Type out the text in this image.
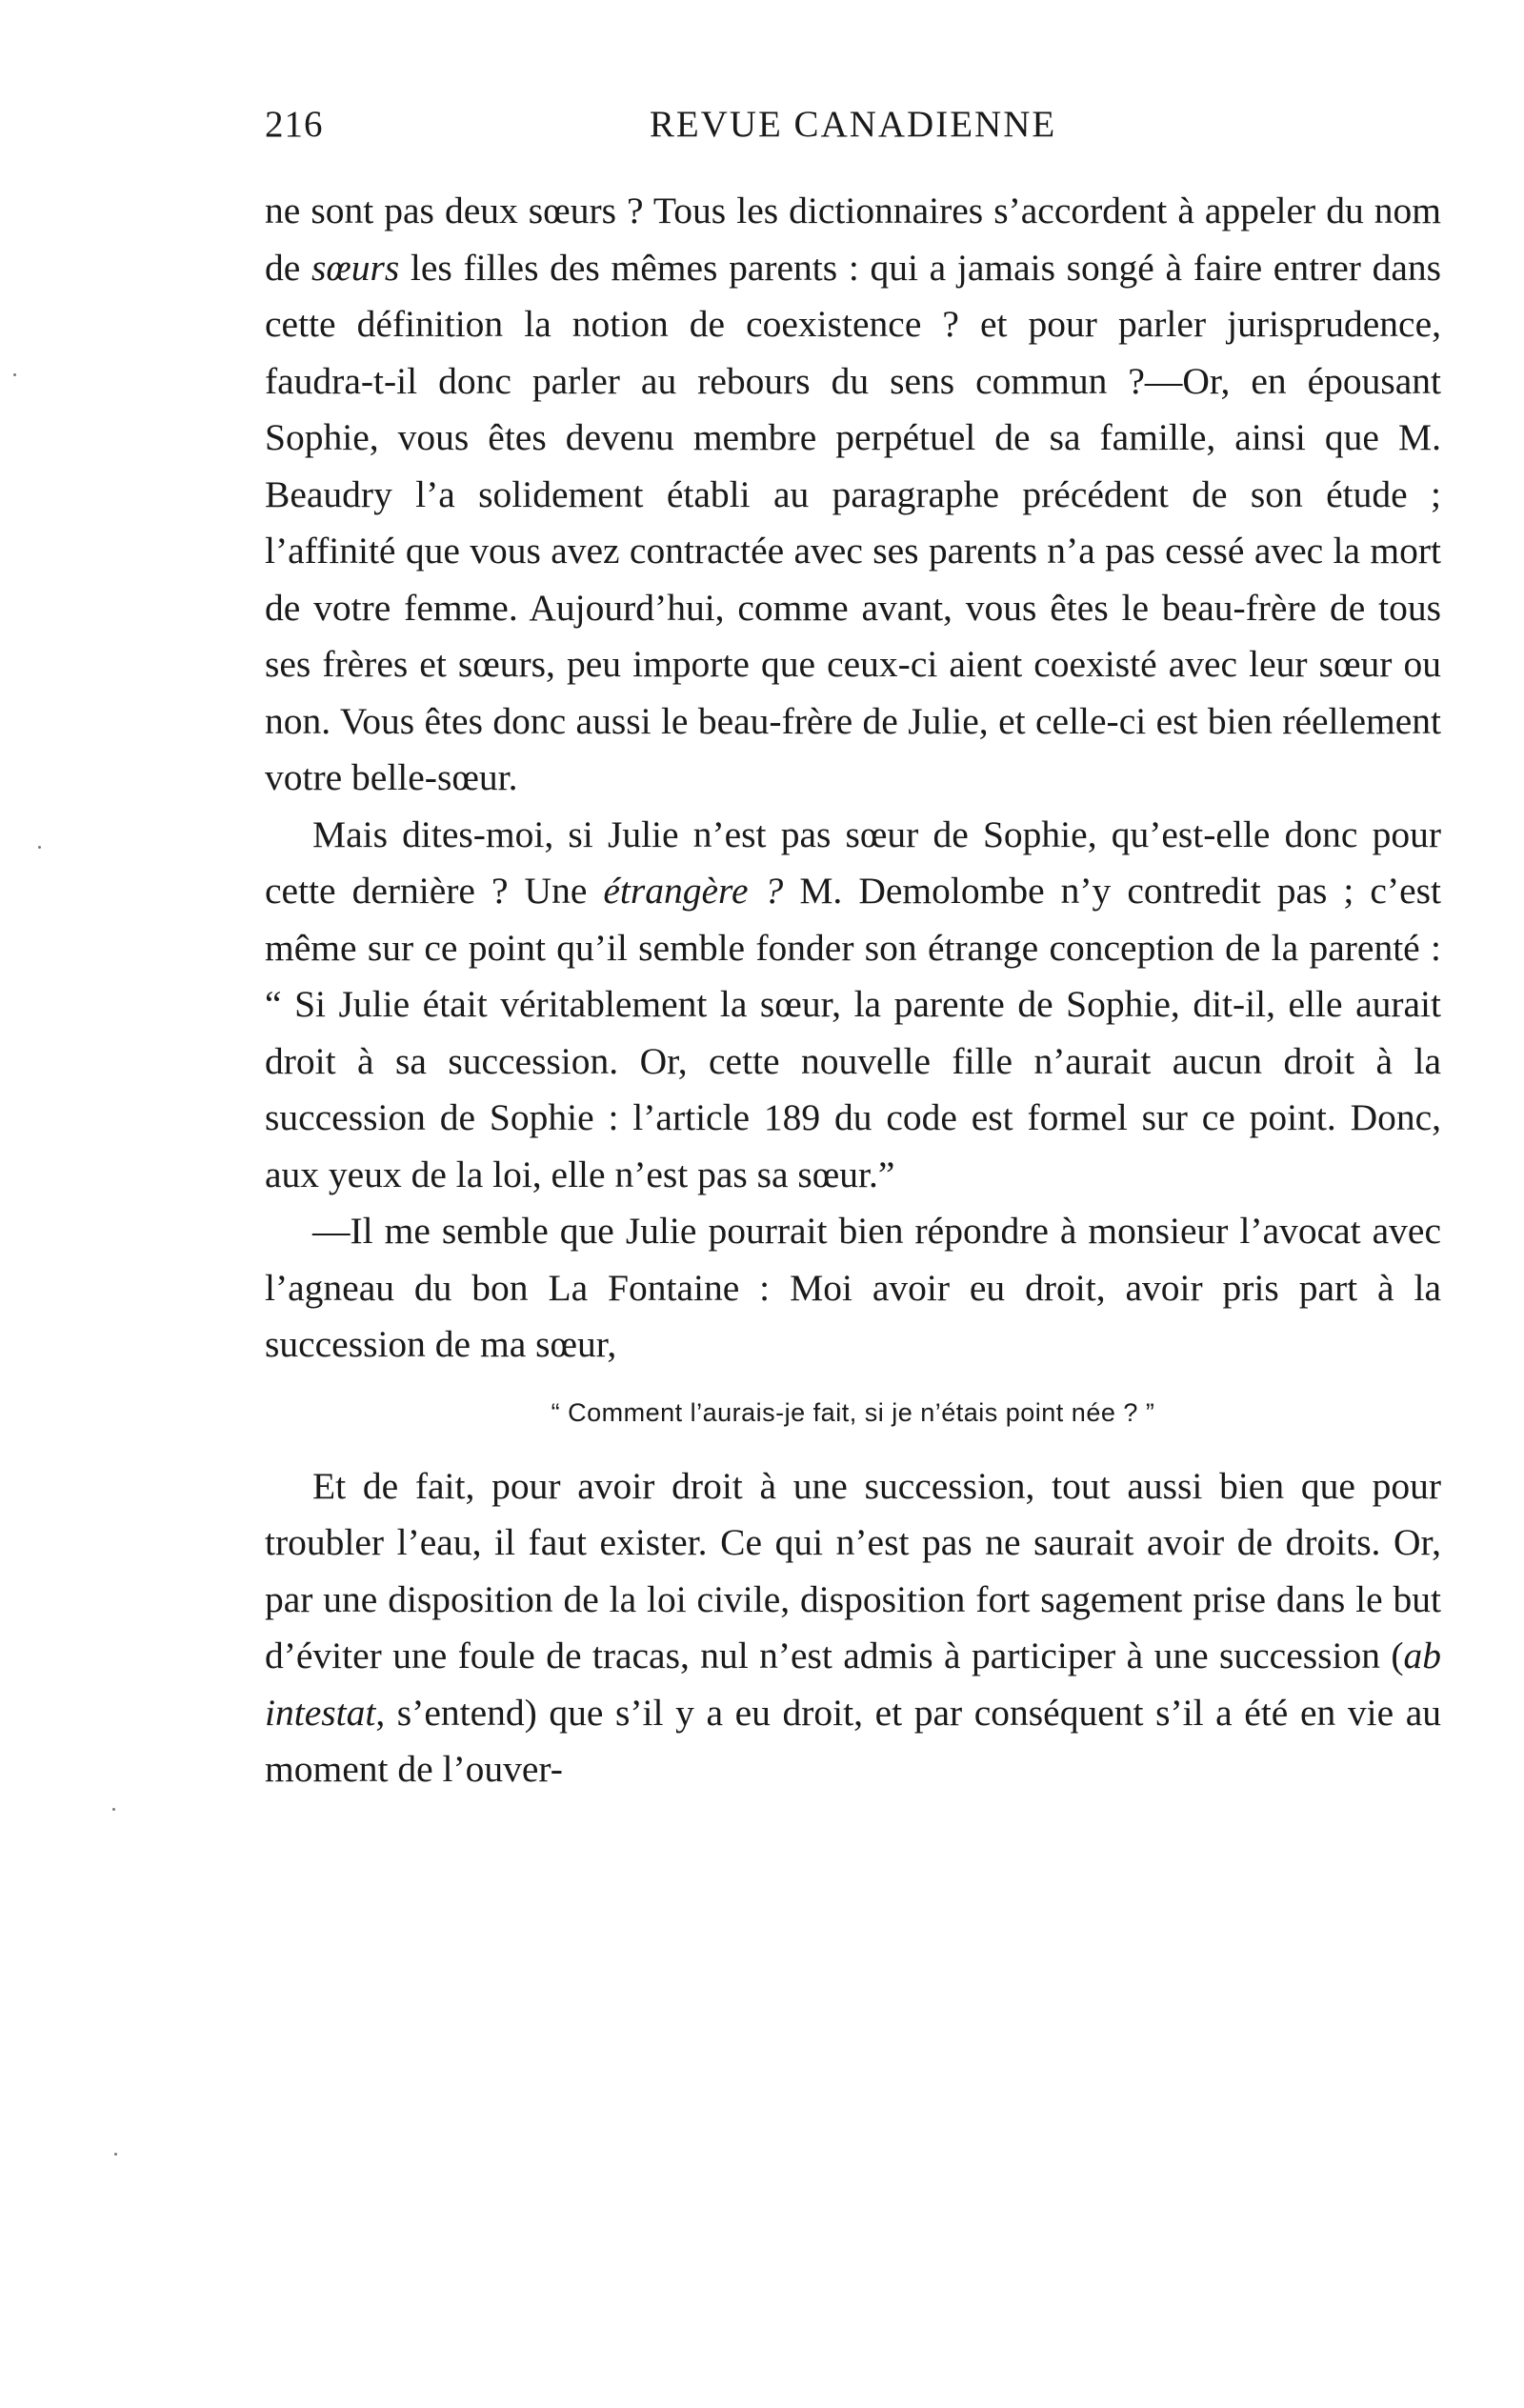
216	REVUE CANADIENNE

ne sont pas deux sœurs ? Tous les dictionnaires s’accordent à appeler du nom de sœurs les filles des mêmes parents : qui a jamais songé à faire entrer dans cette définition la notion de coexistence ? et pour parler jurisprudence, faudra-t-il donc parler au rebours du sens commun ?—Or, en épousant Sophie, vous êtes devenu membre perpétuel de sa famille, ainsi que M. Beaudry l’a solidement établi au paragraphe précédent de son étude ; l’affinité que vous avez contractée avec ses parents n’a pas cessé avec la mort de votre femme. Aujourd’hui, comme avant, vous êtes le beau-frère de tous ses frères et sœurs, peu importe que ceux-ci aient coexisté avec leur sœur ou non. Vous êtes donc aussi le beau-frère de Julie, et celle-ci est bien réellement votre belle-sœur.

Mais dites-moi, si Julie n’est pas sœur de Sophie, qu’est-elle donc pour cette dernière ? Une étrangère ? M. Demolombe n’y contredit pas ; c’est même sur ce point qu’il semble fonder son étrange conception de la parenté : “ Si Julie était véritablement la sœur, la parente de Sophie, dit-il, elle aurait droit à sa succession. Or, cette nouvelle fille n’aurait aucun droit à la succession de Sophie : l’article 189 du code est formel sur ce point. Donc, aux yeux de la loi, elle n’est pas sa sœur.”

—Il me semble que Julie pourrait bien répondre à monsieur l’avocat avec l’agneau du bon La Fontaine : Moi avoir eu droit, avoir pris part à la succession de ma sœur,

“ Comment l’aurais-je fait, si je n’étais point née ? ”

Et de fait, pour avoir droit à une succession, tout aussi bien que pour troubler l’eau, il faut exister. Ce qui n’est pas ne saurait avoir de droits. Or, par une disposition de la loi civile, disposition fort sagement prise dans le but d’éviter une foule de tracas, nul n’est admis à participer à une succession (ab intestat, s’entend) que s’il y a eu droit, et par conséquent s’il a été en vie au moment de l’ouver-
